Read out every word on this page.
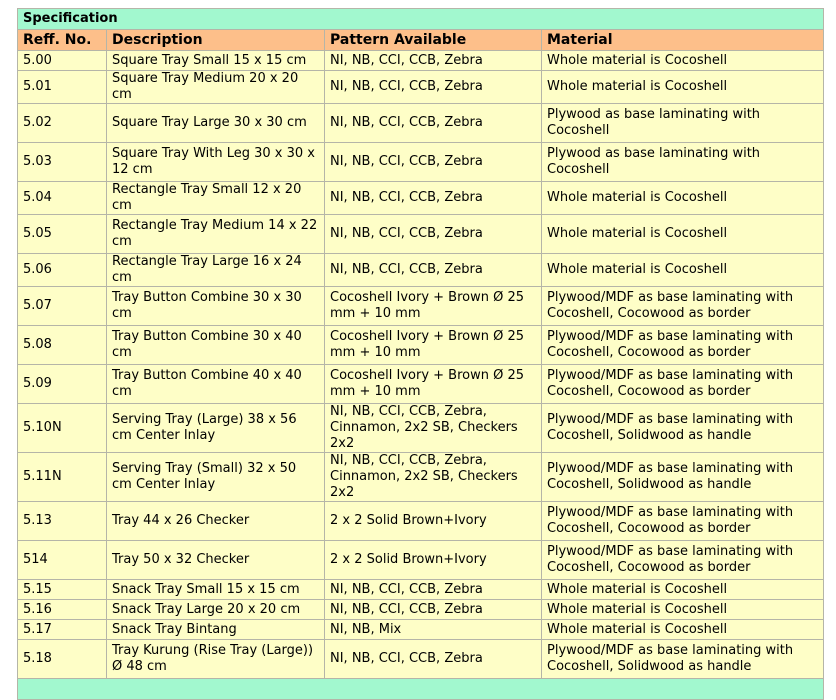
Specification			
Reff. No.	Description	Pattern Available	Material
5.00	Square Tray Small 15 x 15 cm	NI, NB, CCI, CCB, Zebra	Whole material is Cocoshell
5.01	Square Tray Medium 20 x 20 cm	NI, NB, CCI, CCB, Zebra	Whole material is Cocoshell
5.02	Square Tray Large 30 x 30 cm	NI, NB, CCI, CCB, Zebra	Plywood as base laminating with Cocoshell
5.03	Square Tray With Leg 30 x 30 x 12 cm	NI, NB, CCI, CCB, Zebra	Plywood as base laminating with Cocoshell
5.04	Rectangle Tray Small 12 x 20 cm	NI, NB, CCI, CCB, Zebra	Whole material is Cocoshell
5.05	Rectangle Tray Medium 14 x 22 cm	NI, NB, CCI, CCB, Zebra	Whole material is Cocoshell
5.06	Rectangle Tray Large 16 x 24 cm	NI, NB, CCI, CCB, Zebra	Whole material is Cocoshell
5.07	Tray Button Combine 30 x 30 cm	Cocoshell Ivory + Brown Ø 25 mm + 10 mm	Plywood/MDF as base laminating with Cocoshell, Cocowood as border
5.08	Tray Button Combine 30 x 40 cm	Cocoshell Ivory + Brown Ø 25 mm + 10 mm	Plywood/MDF as base laminating with Cocoshell, Cocowood as border
5.09	Tray Button Combine 40 x 40 cm	Cocoshell Ivory + Brown Ø 25 mm + 10 mm	Plywood/MDF as base laminating with Cocoshell, Cocowood as border
5.10N	Serving Tray (Large) 38 x 56 cm Center Inlay	NI, NB, CCI, CCB, Zebra, Cinnamon, 2x2 SB, Checkers 2x2	Plywood/MDF as base laminating with Cocoshell, Solidwood as handle
5.11N	Serving Tray (Small) 32 x 50 cm Center Inlay	NI, NB, CCI, CCB, Zebra, Cinnamon, 2x2 SB, Checkers 2x2	Plywood/MDF as base laminating with Cocoshell, Solidwood as handle
5.13	Tray 44 x 26 Checker	2 x 2 Solid Brown+Ivory	Plywood/MDF as base laminating with Cocoshell, Cocowood as border
514	Tray 50 x 32 Checker	2 x 2 Solid Brown+Ivory	Plywood/MDF as base laminating with Cocoshell, Cocowood as border
5.15	Snack Tray Small 15 x 15 cm	NI, NB, CCI, CCB, Zebra	Whole material is Cocoshell
5.16	Snack Tray Large 20 x 20 cm	NI, NB, CCI, CCB, Zebra	Whole material is Cocoshell
5.17	Snack Tray Bintang	NI, NB, Mix	Whole material is Cocoshell
5.18	Tray Kurung (Rise Tray (Large)) Ø 48 cm	NI, NB, CCI, CCB, Zebra	Plywood/MDF as base laminating with Cocoshell, Solidwood as handle
